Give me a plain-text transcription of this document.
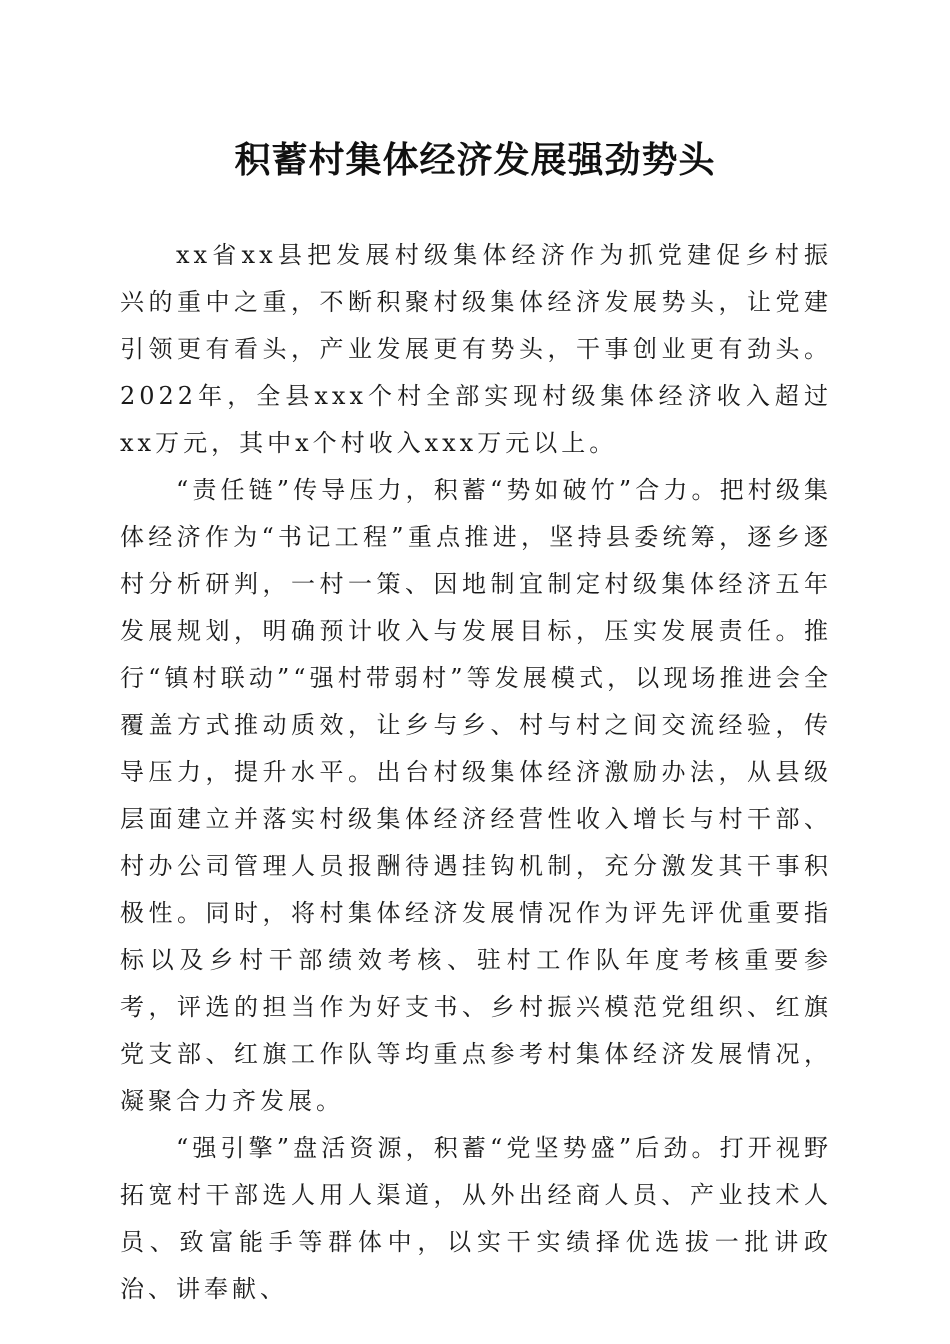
积蓄村集体经济发展强劲势头

xx省xx县把发展村级集体经济作为抓党建促乡村振兴的重中之重，不断积聚村级集体经济发展势头，让党建引领更有看头，产业发展更有势头，干事创业更有劲头。2022年，全县xxx个村全部实现村级集体经济收入超过xx万元，其中x个村收入xxx万元以上。

“责任链”传导压力，积蓄“势如破竹”合力。把村级集体经济作为“书记工程”重点推进，坚持县委统筹，逐乡逐村分析研判，一村一策、因地制宜制定村级集体经济五年发展规划，明确预计收入与发展目标，压实发展责任。推行“镇村联动”“强村带弱村”等发展模式，以现场推进会全覆盖方式推动质效，让乡与乡、村与村之间交流经验，传导压力，提升水平。出台村级集体经济激励办法，从县级层面建立并落实村级集体经济经营性收入增长与村干部、村办公司管理人员报酬待遇挂钩机制，充分激发其干事积极性。同时，将村集体经济发展情况作为评先评优重要指标以及乡村干部绩效考核、驻村工作队年度考核重要参考，评选的担当作为好支书、乡村振兴模范党组织、红旗党支部、红旗工作队等均重点参考村集体经济发展情况，凝聚合力齐发展。

“强引擎”盘活资源，积蓄“党坚势盛”后劲。打开视野拓宽村干部选人用人渠道，从外出经商人员、产业技术人员、致富能手等群体中，以实干实绩择优选拔一批讲政治、讲奉献、
